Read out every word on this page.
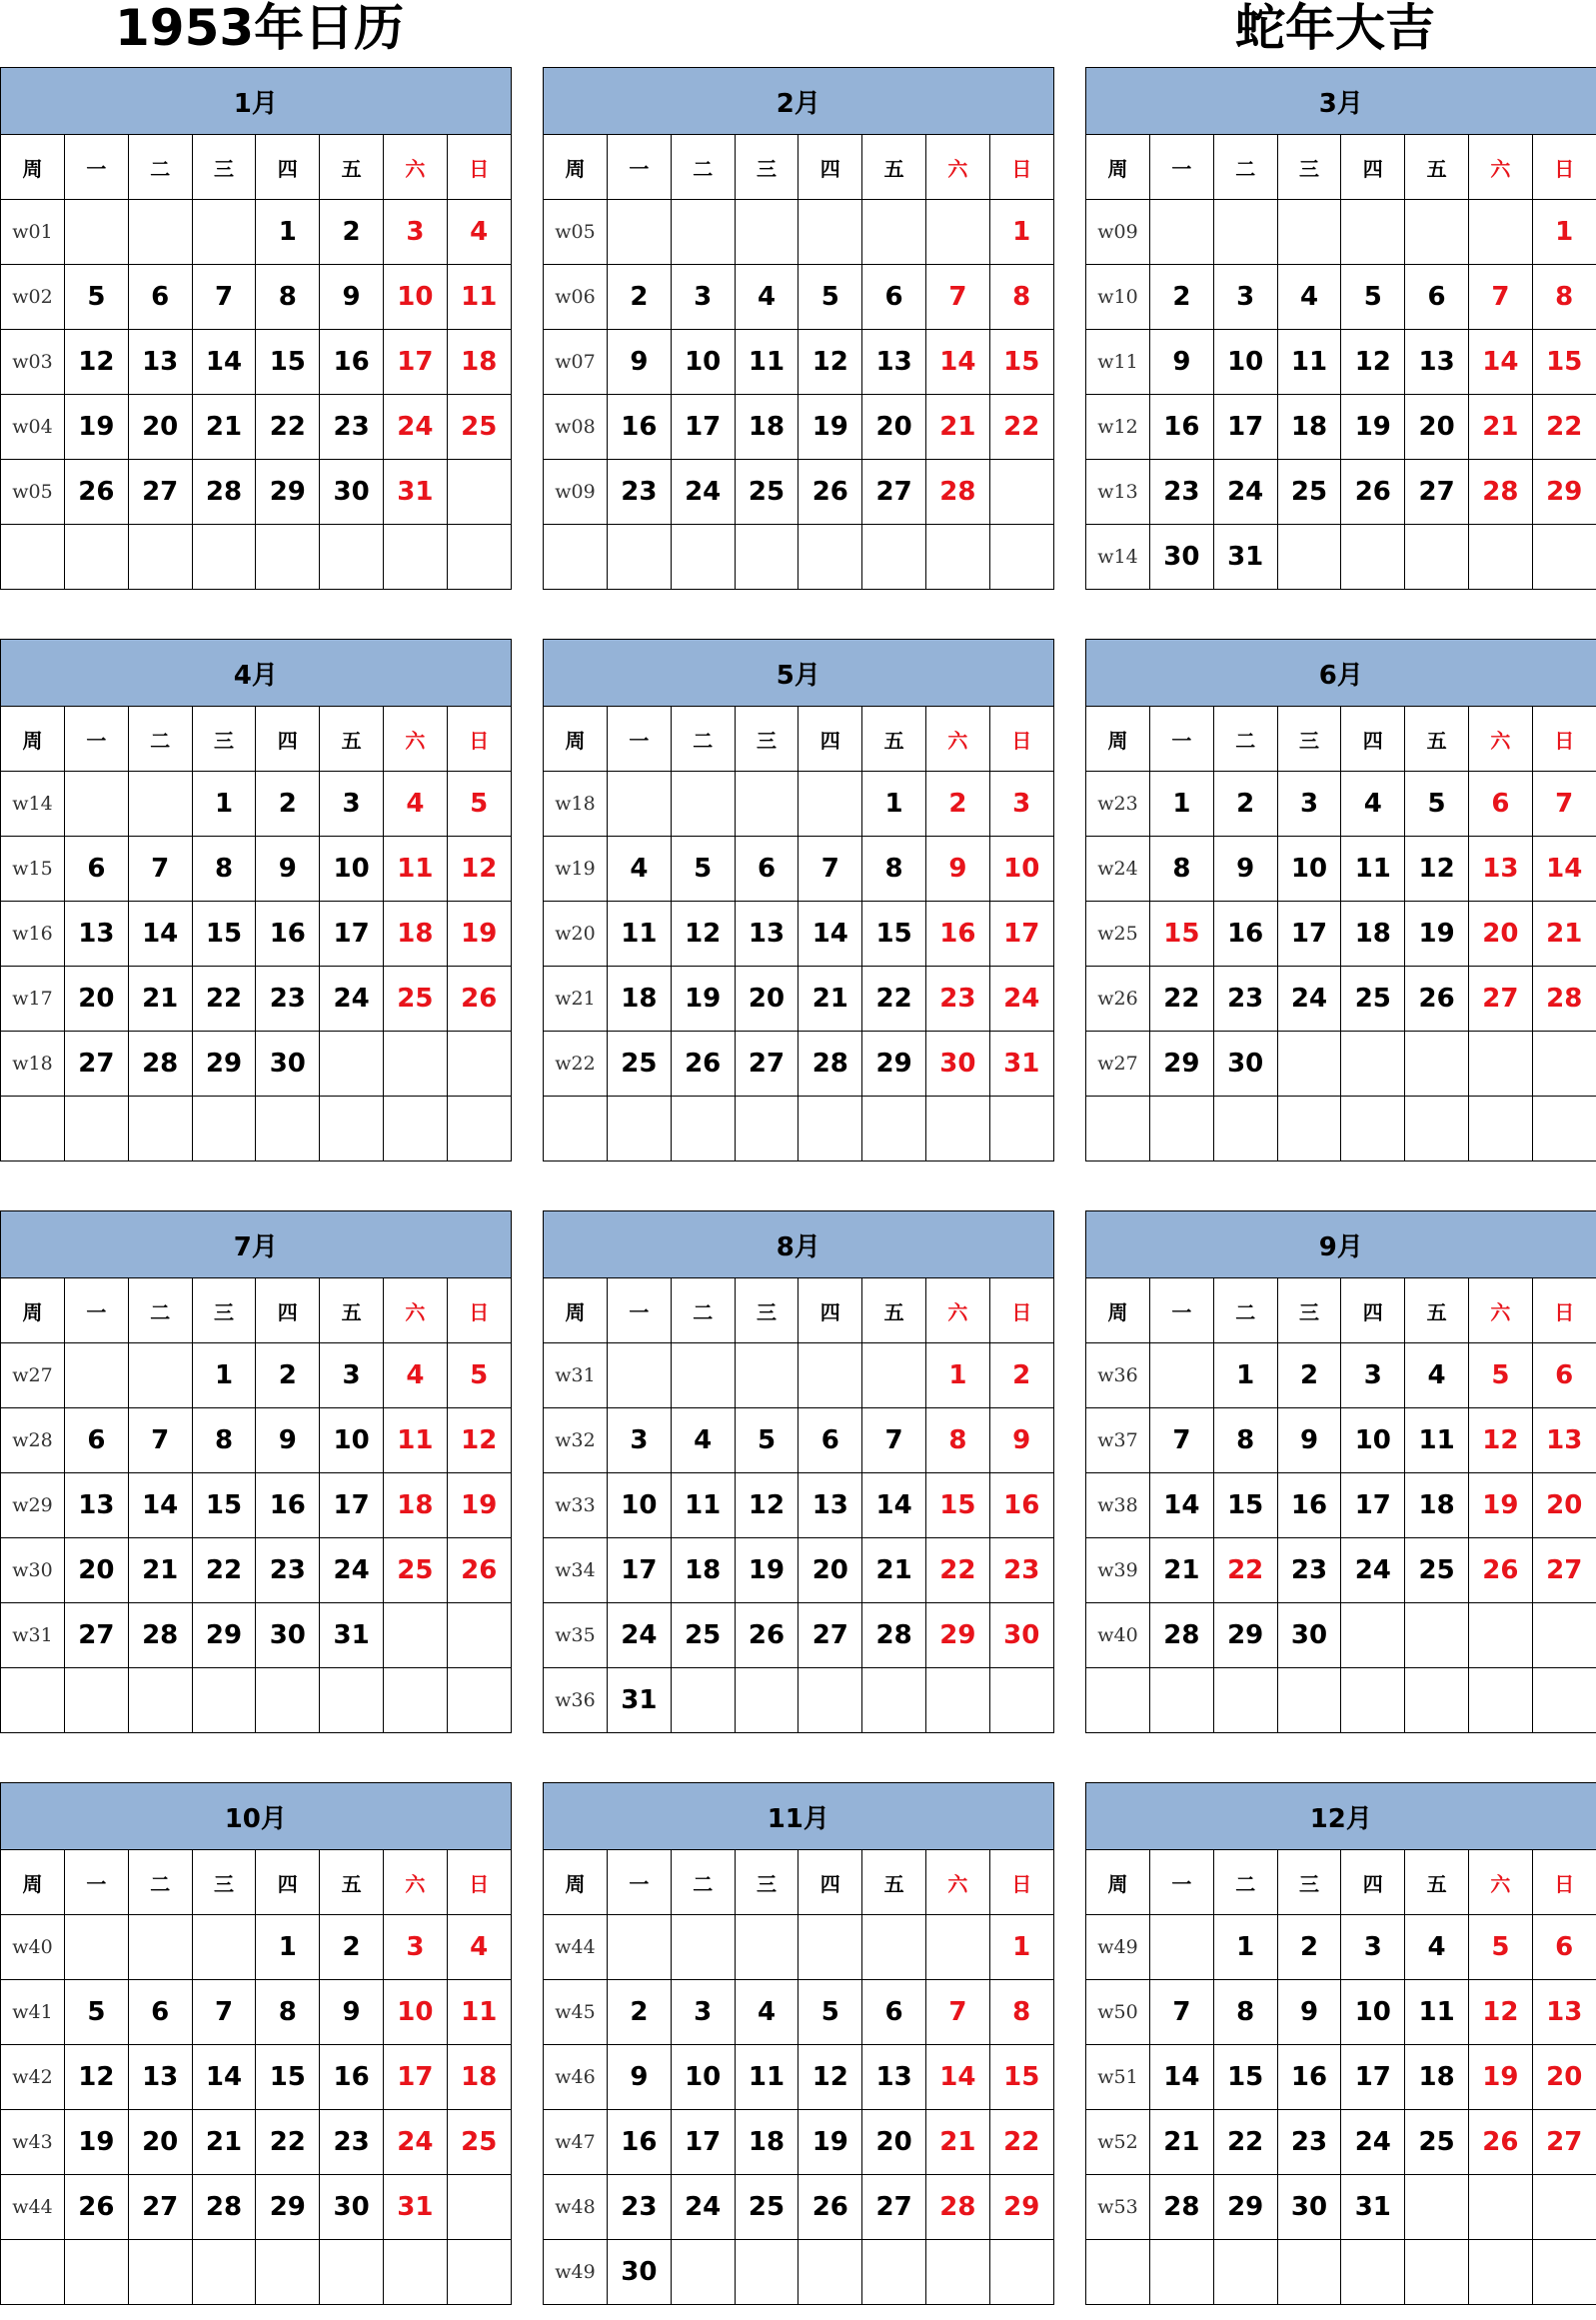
1953年日历	蛇年大吉
1月							
周	一	二	三	四	五	六	日
w01				1	2	3	4
w02	5	6	7	8	9	10	11
w03	12	13	14	15	16	17	18
w04	19	20	21	22	23	24	25
w05	26	27	28	29	30	31	

2月							
周	一	二	三	四	五	六	日
w05							1
w06	2	3	4	5	6	7	8
w07	9	10	11	12	13	14	15
w08	16	17	18	19	20	21	22
w09	23	24	25	26	27	28	

3月							
周	一	二	三	四	五	六	日
w09							1
w10	2	3	4	5	6	7	8
w11	9	10	11	12	13	14	15
w12	16	17	18	19	20	21	22
w13	23	24	25	26	27	28	29
w14	30	31					
4月							
周	一	二	三	四	五	六	日
w14			1	2	3	4	5
w15	6	7	8	9	10	11	12
w16	13	14	15	16	17	18	19
w17	20	21	22	23	24	25	26
w18	27	28	29	30			

5月							
周	一	二	三	四	五	六	日
w18					1	2	3
w19	4	5	6	7	8	9	10
w20	11	12	13	14	15	16	17
w21	18	19	20	21	22	23	24
w22	25	26	27	28	29	30	31

6月							
周	一	二	三	四	五	六	日
w23	1	2	3	4	5	6	7
w24	8	9	10	11	12	13	14
w25	15	16	17	18	19	20	21
w26	22	23	24	25	26	27	28
w27	29	30					

7月							
周	一	二	三	四	五	六	日
w27			1	2	3	4	5
w28	6	7	8	9	10	11	12
w29	13	14	15	16	17	18	19
w30	20	21	22	23	24	25	26
w31	27	28	29	30	31		

8月							
周	一	二	三	四	五	六	日
w31						1	2
w32	3	4	5	6	7	8	9
w33	10	11	12	13	14	15	16
w34	17	18	19	20	21	22	23
w35	24	25	26	27	28	29	30
w36	31						
9月							
周	一	二	三	四	五	六	日
w36		1	2	3	4	5	6
w37	7	8	9	10	11	12	13
w38	14	15	16	17	18	19	20
w39	21	22	23	24	25	26	27
w40	28	29	30				

10月							
周	一	二	三	四	五	六	日
w40				1	2	3	4
w41	5	6	7	8	9	10	11
w42	12	13	14	15	16	17	18
w43	19	20	21	22	23	24	25
w44	26	27	28	29	30	31	

11月							
周	一	二	三	四	五	六	日
w44							1
w45	2	3	4	5	6	7	8
w46	9	10	11	12	13	14	15
w47	16	17	18	19	20	21	22
w48	23	24	25	26	27	28	29
w49	30						
12月							
周	一	二	三	四	五	六	日
w49		1	2	3	4	5	6
w50	7	8	9	10	11	12	13
w51	14	15	16	17	18	19	20
w52	21	22	23	24	25	26	27
w53	28	29	30	31			
